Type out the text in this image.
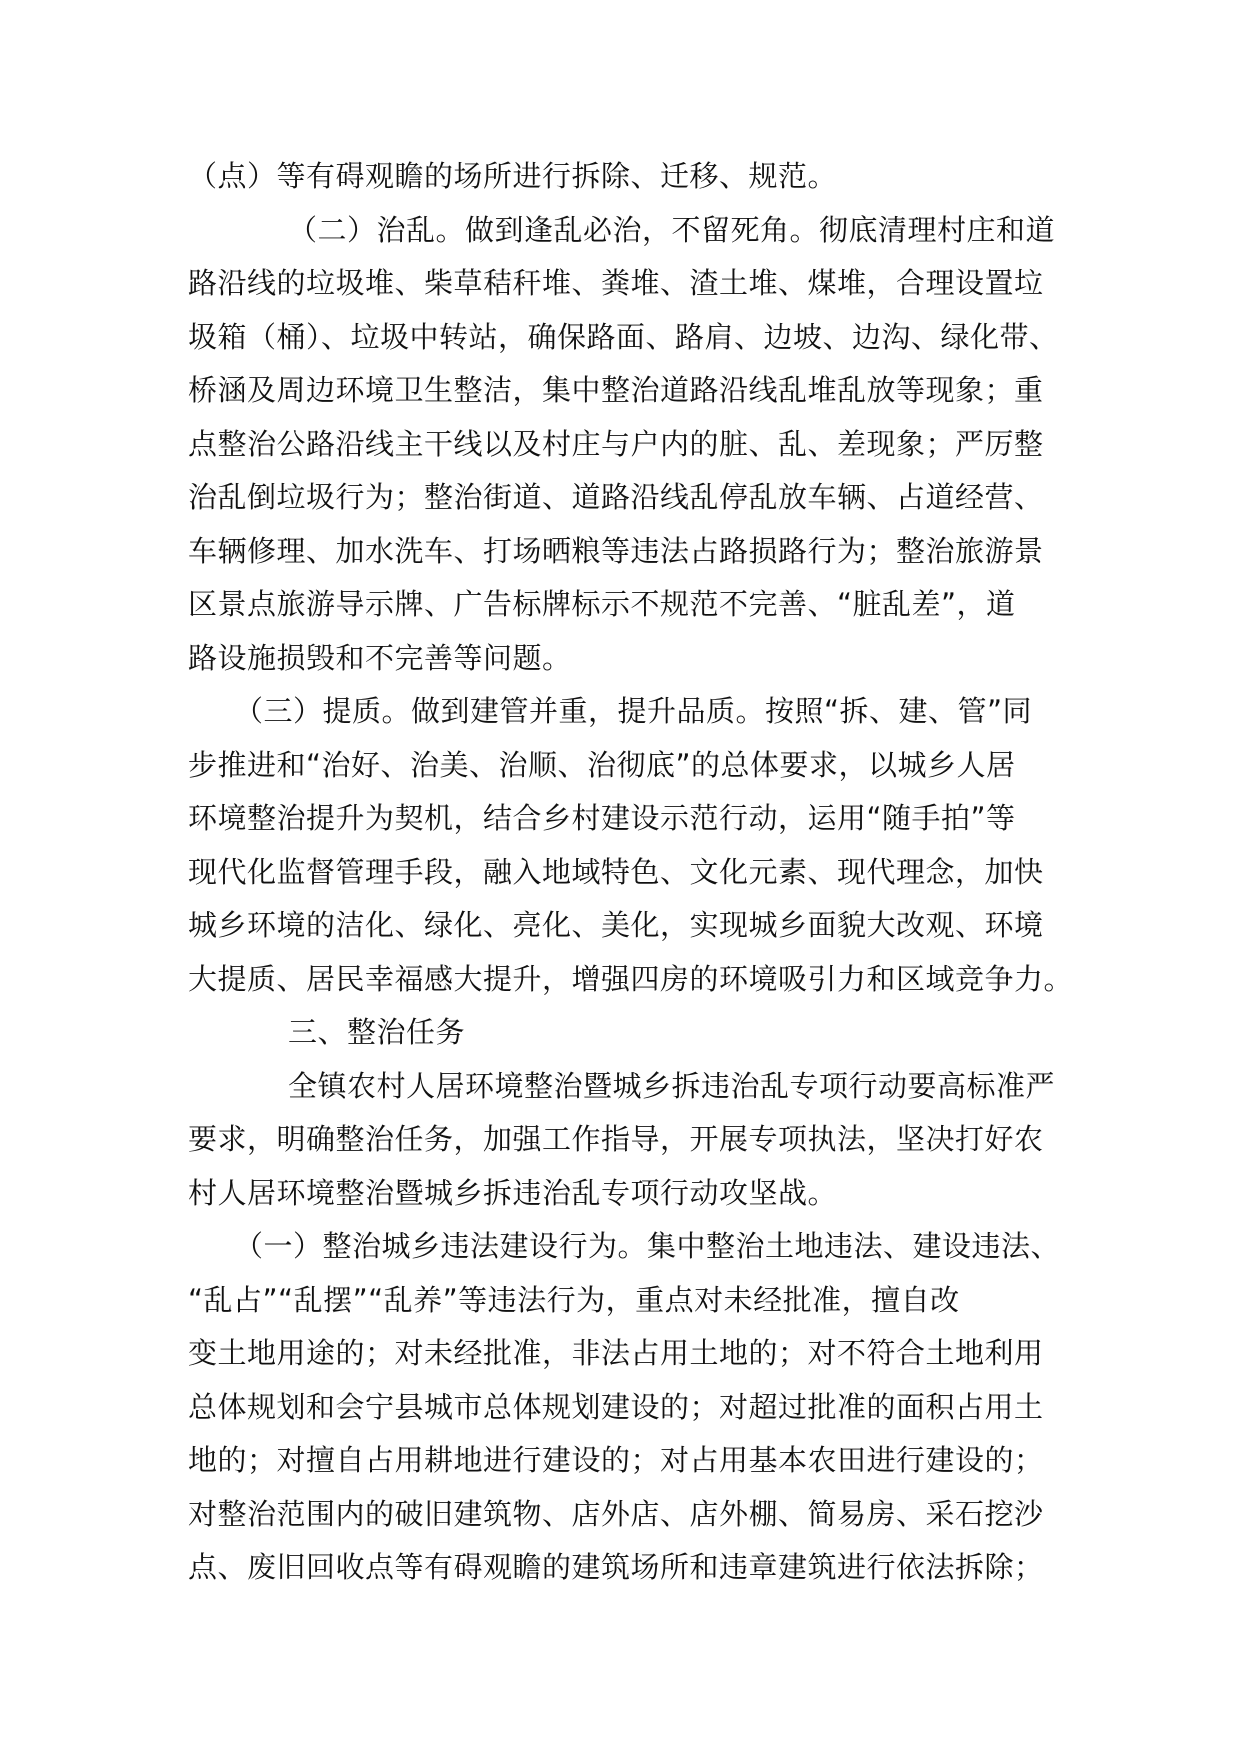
（点）等有碍观瞻的场所进行拆除、迁移、规范。
（二）治乱。做到逢乱必治，不留死角。彻底清理村庄和道
路沿线的垃圾堆、柴草秸秆堆、粪堆、渣土堆、煤堆，合理设置垃
圾箱（桶）、垃圾中转站，确保路面、路肩、边坡、边沟、绿化带、
桥涵及周边环境卫生整洁，集中整治道路沿线乱堆乱放等现象；重
点整治公路沿线主干线以及村庄与户内的脏、乱、差现象；严厉整
治乱倒垃圾行为；整治街道、道路沿线乱停乱放车辆、占道经营、
车辆修理、加水洗车、打场晒粮等违法占路损路行为；整治旅游景
区景点旅游导示牌、广告标牌标示不规范不完善、“脏乱差”，道
路设施损毁和不完善等问题。
（三）提质。做到建管并重，提升品质。按照“拆、建、管”同
步推进和“治好、治美、治顺、治彻底”的总体要求，以城乡人居
环境整治提升为契机，结合乡村建设示范行动，运用“随手拍”等
现代化监督管理手段，融入地域特色、文化元素、现代理念，加快
城乡环境的洁化、绿化、亮化、美化，实现城乡面貌大改观、环境
大提质、居民幸福感大提升，增强四房的环境吸引力和区域竞争力。
三、整治任务
全镇农村人居环境整治暨城乡拆违治乱专项行动要高标准严
要求，明确整治任务，加强工作指导，开展专项执法，坚决打好农
村人居环境整治暨城乡拆违治乱专项行动攻坚战。
（一）整治城乡违法建设行为。集中整治土地违法、建设违法、
“乱占”“乱摆”“乱养”等违法行为，重点对未经批准，擅自改
变土地用途的；对未经批准，非法占用土地的；对不符合土地利用
总体规划和会宁县城市总体规划建设的；对超过批准的面积占用土
地的；对擅自占用耕地进行建设的；对占用基本农田进行建设的；
对整治范围内的破旧建筑物、店外店、店外棚、简易房、采石挖沙
点、废旧回收点等有碍观瞻的建筑场所和违章建筑进行依法拆除；
